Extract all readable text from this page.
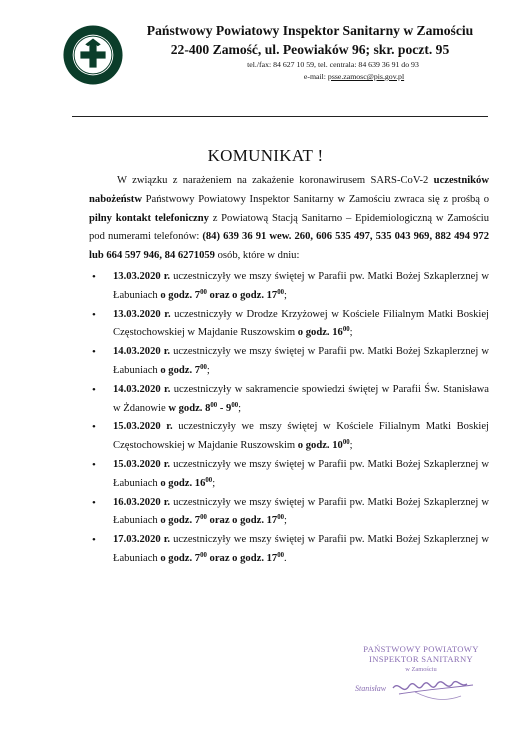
Państwowy Powiatowy Inspektor Sanitarny w Zamościu
22-400 Zamość, ul. Peowiaków 96; skr. poczt. 95
tel./fax: 84 627 10 59, tel. centrala: 84 639 36 91 do 93
e-mail: psse.zamosc@pis.gov.pl
KOMUNIKAT !

W związku z narażeniem na zakażenie koronawirusem SARS-CoV-2 uczestników nabożeństw Państwowy Powiatowy Inspektor Sanitarny w Zamościu zwraca się z prośbą o pilny kontakt telefoniczny z Powiatową Stacją Sanitarno – Epidemiologiczną w Zamościu pod numerami telefonów: (84) 639 36 91 wew. 260, 606 535 497, 535 043 969, 882 494 972 lub 664 597 946, 84 6271059 osób, które w dniu:

• 13.03.2020 r. uczestniczyły we mszy świętej w Parafii pw. Matki Bożej Szkaplerznej w Łabuniach o godz. $7^{00}$ oraz o godz. $17^{00}$;
• 13.03.2020 r. uczestniczyły w Drodze Krzyżowej w Kościele Filialnym Matki Boskiej Częstochowskiej w Majdanie Ruszowskim o godz. $16^{00}$;
• 14.03.2020 r. uczestniczyły we mszy świętej w Parafii pw. Matki Bożej Szkaplerznej w Łabuniach o godz. $7^{00}$;
• 14.03.2020 r. uczestniczyły w sakramencie spowiedzi świętej w Parafii Św. Stanisława w Żdanowie w godz. $8^{00} - 9^{00}$;
• 15.03.2020 r. uczestniczyły we mszy świętej w Kościele Filialnym Matki Boskiej Częstochowskiej w Majdanie Ruszowskim o godz. $10^{00}$;
• 15.03.2020 r. uczestniczyły we mszy świętej w Parafii pw. Matki Bożej Szkaplerznej w Łabuniach o godz. $16^{00}$;
• 16.03.2020 r. uczestniczyły we mszy świętej w Parafii pw. Matki Bożej Szkaplerznej w Łabuniach o godz. $7^{00}$ oraz o godz. $17^{00}$;
• 17.03.2020 r. uczestniczyły we mszy świętej w Parafii pw. Matki Bożej Szkaplerznej w Łabuniach o godz. $7^{00}$ oraz o godz. $17^{00}$.
PAŃSTWOWY POWIATOWY
INSPEKTOR SANITARNY
w Zamościu
Stanisław
